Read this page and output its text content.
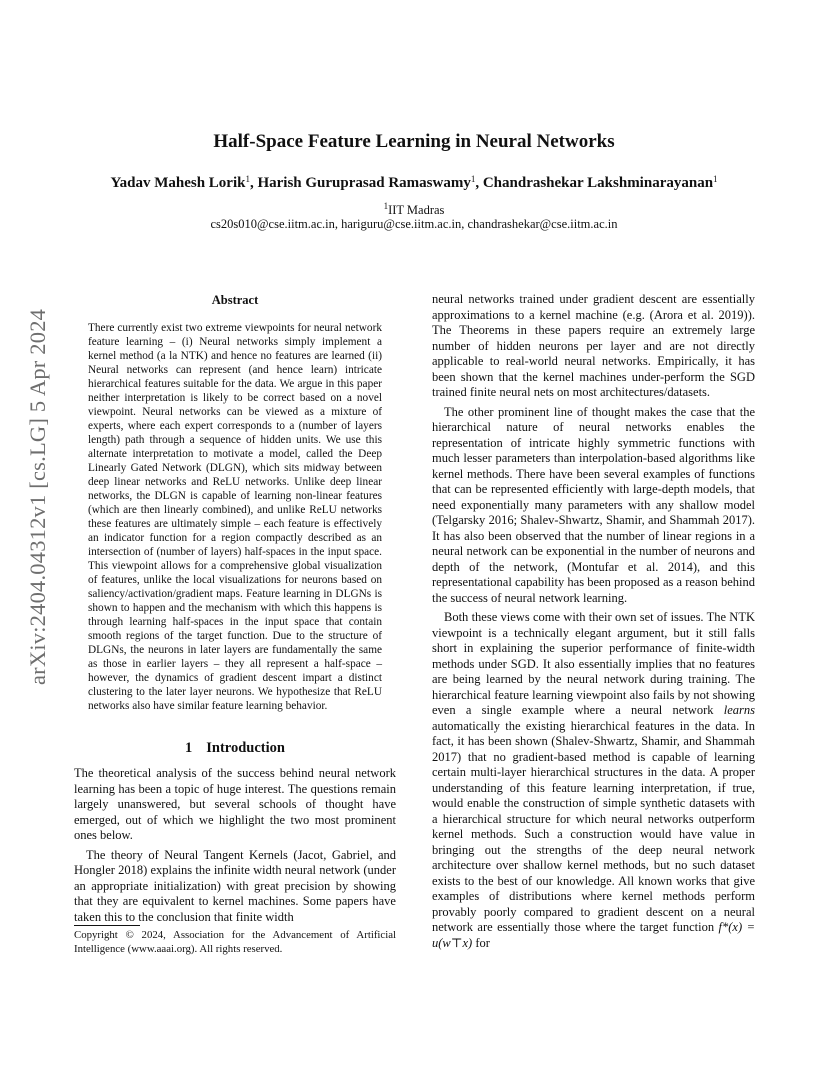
arXiv:2404.04312v1 [cs.LG] 5 Apr 2024
Half-Space Feature Learning in Neural Networks
Yadav Mahesh Lorik$^1$, Harish Guruprasad Ramaswamy$^1$, Chandrashekar Lakshminarayanan$^1$
$^1$IIT Madras
cs20s010@cse.iitm.ac.in, hariguru@cse.iitm.ac.in, chandrashekar@cse.iitm.ac.in
Abstract

There currently exist two extreme viewpoints for neural network feature learning – (i) Neural networks simply implement a kernel method (a la NTK) and hence no features are learned (ii) Neural networks can represent (and hence learn) intricate hierarchical features suitable for the data. We argue in this paper neither interpretation is likely to be correct based on a novel viewpoint. Neural networks can be viewed as a mixture of experts, where each expert corresponds to a (number of layers length) path through a sequence of hidden units. We use this alternate interpretation to motivate a model, called the Deep Linearly Gated Network (DLGN), which sits midway between deep linear networks and ReLU networks. Unlike deep linear networks, the DLGN is capable of learning non-linear features (which are then linearly combined), and unlike ReLU networks these features are ultimately simple – each feature is effectively an indicator function for a region compactly described as an intersection of (number of layers) half-spaces in the input space. This viewpoint allows for a comprehensive global visualization of features, unlike the local visualizations for neurons based on saliency/activation/gradient maps. Feature learning in DLGNs is shown to happen and the mechanism with which this happens is through learning half-spaces in the input space that contain smooth regions of the target function. Due to the structure of DLGNs, the neurons in later layers are fundamentally the same as those in earlier layers – they all represent a half-space – however, the dynamics of gradient descent impart a distinct clustering to the later layer neurons. We hypothesize that ReLU networks also have similar feature learning behavior.

1 Introduction

The theoretical analysis of the success behind neural network learning has been a topic of huge interest. The questions remain largely unanswered, but several schools of thought have emerged, out of which we highlight the two most prominent ones below.

The theory of Neural Tangent Kernels (Jacot, Gabriel, and Hongler 2018) explains the infinite width neural network (under an appropriate initialization) with great precision by showing that they are equivalent to kernel machines. Some papers have taken this to the conclusion that finite width

Copyright © 2024, Association for the Advancement of Artificial Intelligence (www.aaai.org). All rights reserved.

neural networks trained under gradient descent are essentially approximations to a kernel machine (e.g. (Arora et al. 2019)). The Theorems in these papers require an extremely large number of hidden neurons per layer and are not directly applicable to real-world neural networks. Empirically, it has been shown that the kernel machines under-perform the SGD trained finite neural nets on most architectures/datasets.

The other prominent line of thought makes the case that the hierarchical nature of neural networks enables the representation of intricate highly symmetric functions with much lesser parameters than interpolation-based algorithms like kernel methods. There have been several examples of functions that can be represented efficiently with large-depth models, that need exponentially many parameters with any shallow model (Telgarsky 2016; Shalev-Shwartz, Shamir, and Shammah 2017). It has also been observed that the number of linear regions in a neural network can be exponential in the number of neurons and depth of the network, (Montufar et al. 2014), and this representational capability has been proposed as a reason behind the success of neural network learning.

Both these views come with their own set of issues. The NTK viewpoint is a technically elegant argument, but it still falls short in explaining the superior performance of finite-width methods under SGD. It also essentially implies that no features are being learned by the neural network during training. The hierarchical feature learning viewpoint also fails by not showing even a single example where a neural network learns automatically the existing hierarchical features in the data. In fact, it has been shown (Shalev-Shwartz, Shamir, and Shammah 2017) that no gradient-based method is capable of learning certain multi-layer hierarchical structures in the data. A proper understanding of this feature learning interpretation, if true, would enable the construction of simple synthetic datasets with a hierarchical structure for which neural networks outperform kernel methods. Such a construction would have value in bringing out the strengths of the deep neural network architecture over shallow kernel methods, but no such dataset exists to the best of our knowledge. All known works that give examples of distributions where kernel methods perform provably poorly compared to gradient descent on a neural network are essentially those where the target function f*(x) = u(w⊤x) for
